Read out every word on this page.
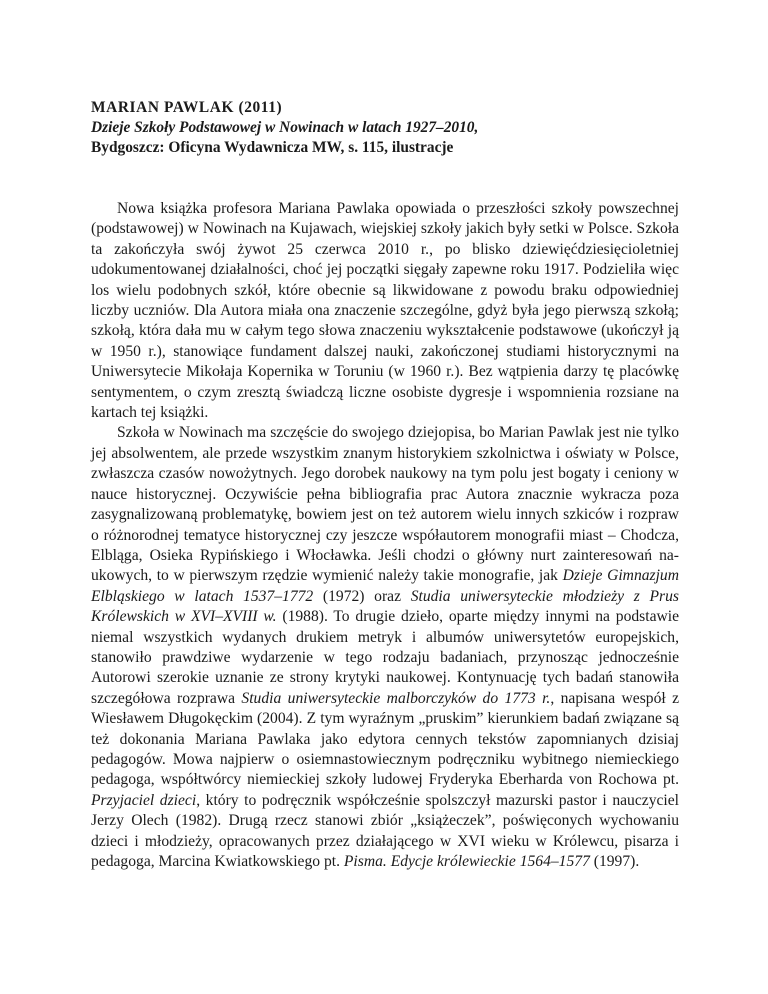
MARIAN PAWLAK (2011)
Dzieje Szkoły Podstawowej w Nowinach w latach 1927–2010,
Bydgoszcz: Oficyna Wydawnicza MW, s. 115, ilustracje

Nowa książka profesora Mariana Pawlaka opowiada o przeszłości szkoły powszechnej (podstawowej) w Nowinach na Kujawach, wiejskiej szkoły jakich były setki w Polsce. Szkoła ta zakończyła swój żywot 25 czerwca 2010 r., po blisko dziewięćdziesięcioletniej udokumentowanej działalności, choć jej początki sięgały zapewne roku 1917. Podzieliła więc los wielu podobnych szkół, które obecnie są likwidowane z powodu braku odpowiedniej liczby uczniów. Dla Autora miała ona znaczenie szczególne, gdyż była jego pierwszą szkołą; szkołą, która dała mu w całym tego słowa znaczeniu wykształcenie podstawowe (ukończył ją w 1950 r.), stanowiące fundament dalszej nauki, zakończonej studiami historycznymi na Uniwersytecie Mikołaja Kopernika w Toruniu (w 1960 r.). Bez wątpienia darzy tę placówkę sentymentem, o czym zresztą świadczą liczne osobiste dygresje i wspomnienia rozsiane na kartach tej książki.

Szkoła w Nowinach ma szczęście do swojego dziejopisa, bo Marian Pawlak jest nie tylko jej absolwentem, ale przede wszystkim znanym historykiem szkolnictwa i oświaty w Polsce, zwłaszcza czasów nowożytnych. Jego dorobek naukowy na tym polu jest bogaty i ceniony w nauce historycznej. Oczywiście pełna bibliografia prac Autora znacznie wykracza poza zasygnalizowaną problematykę, bowiem jest on też autorem wielu innych szkiców i rozpraw o różnorodnej tematyce historycznej czy jeszcze współautorem monografii miast – Chodcza, Elbląga, Osieka Rypińskiego i Włocławka. Jeśli chodzi o główny nurt zainteresowań naukowych, to w pierwszym rzędzie wymienić należy takie monografie, jak Dzieje Gimnazjum Elbląskiego w latach 1537–1772 (1972) oraz Studia uniwersyteckie młodzieży z Prus Królewskich w XVI–XVIII w. (1988). To drugie dzieło, oparte między innymi na podstawie niemal wszystkich wydanych drukiem metryk i albumów uniwersytetów europejskich, stanowiło prawdziwe wydarzenie w tego rodzaju badaniach, przynosząc jednocześnie Autorowi szerokie uznanie ze strony krytyki naukowej. Kontynuację tych badań stanowiła szczegółowa rozprawa Studia uniwersyteckie malborczyków do 1773 r., napisana wespół z Wiesławem Długokęckim (2004). Z tym wyraźnym „pruskim” kierunkiem badań związane są też dokonania Mariana Pawlaka jako edytora cennych tekstów zapomnianych dzisiaj pedagogów. Mowa najpierw o osiemnastowiecznym podręczniku wybitnego niemieckiego pedagoga, współtwórcy niemieckiej szkoły ludowej Fryderyka Eberharda von Rochowa pt. Przyjaciel dzieci, który to podręcznik współcześnie spolszczył mazurski pastor i nauczyciel Jerzy Olech (1982). Drugą rzecz stanowi zbiór „książeczek”, poświęconych wychowaniu dzieci i młodzieży, opracowanych przez działającego w XVI wieku w Królewcu, pisarza i pedagoga, Marcina Kwiatkowskiego pt. Pisma. Edycje królewieckie 1564–1577 (1997).
